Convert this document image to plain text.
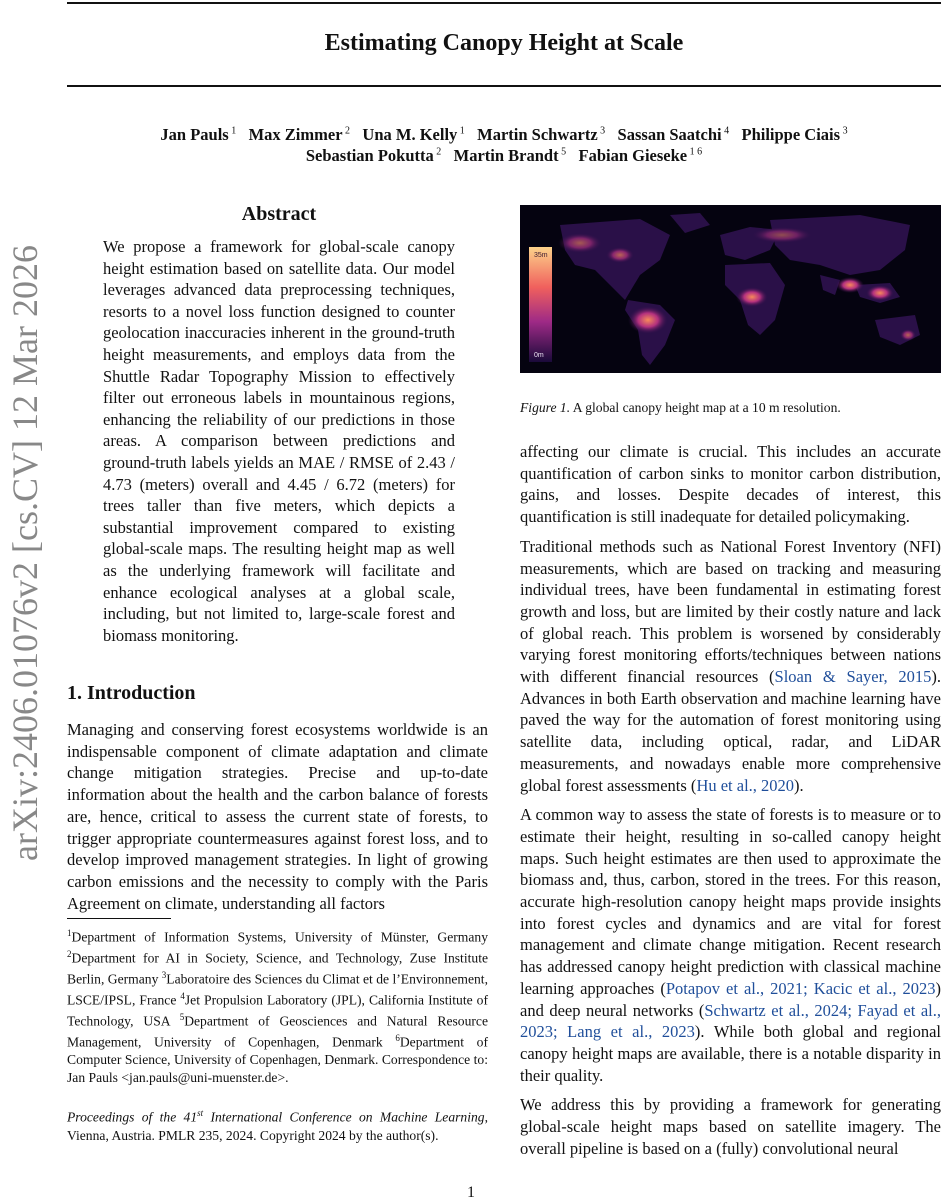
Estimating Canopy Height at Scale
Jan Pauls $^1$ Max Zimmer $^2$ Una M. Kelly $^1$ Martin Schwartz $^3$ Sassan Saatchi $^4$ Philippe Ciais $^3$
Sebastian Pokutta $^2$ Martin Brandt $^5$ Fabian Gieseke $^{1 6}$
arXiv:2406.01076v2 [cs.CV] 12 Mar 2026
Abstract

We propose a framework for global-scale canopy height estimation based on satellite data. Our model leverages advanced data preprocessing techniques, resorts to a novel loss function designed to counter geolocation inaccuracies inherent in the ground-truth height measurements, and employs data from the Shuttle Radar Topography Mission to effectively filter out erroneous labels in mountainous regions, enhancing the reliability of our predictions in those areas. A comparison between predictions and ground-truth labels yields an MAE / RMSE of 2.43 / 4.73 (meters) overall and 4.45 / 6.72 (meters) for trees taller than five meters, which depicts a substantial improvement compared to existing global-scale maps. The resulting height map as well as the underlying framework will facilitate and enhance ecological analyses at a global scale, including, but not limited to, large-scale forest and biomass monitoring.

1. Introduction

Managing and conserving forest ecosystems worldwide is an indispensable component of climate adaptation and climate change mitigation strategies. Precise and up-to-date information about the health and the carbon balance of forests are, hence, critical to assess the current state of forests, to trigger appropriate countermeasures against forest loss, and to develop improved management strategies. In light of growing carbon emissions and the necessity to comply with the Paris Agreement on climate, understanding all factors

$^1$Department of Information Systems, University of Münster, Germany $^2$Department for AI in Society, Science, and Technology, Zuse Institute Berlin, Germany $^3$Laboratoire des Sciences du Climat et de l’Environnement, LSCE/IPSL, France $^4$Jet Propulsion Laboratory (JPL), California Institute of Technology, USA $^5$Department of Geosciences and Natural Resource Management, University of Copenhagen, Denmark $^6$Department of Computer Science, University of Copenhagen, Denmark. Correspondence to: Jan Pauls <jan.pauls@uni-muenster.de>.
Proceedings of the 41st International Conference on Machine Learning, Vienna, Austria. PMLR 235, 2024. Copyright 2024 by the author(s).
35m
0m
Figure 1. A global canopy height map at a 10 m resolution.

affecting our climate is crucial. This includes an accurate quantification of carbon sinks to monitor carbon distribution, gains, and losses. Despite decades of interest, this quantification is still inadequate for detailed policymaking.

Traditional methods such as National Forest Inventory (NFI) measurements, which are based on tracking and measuring individual trees, have been fundamental in estimating forest growth and loss, but are limited by their costly nature and lack of global reach. This problem is worsened by considerably varying forest monitoring efforts/techniques between nations with different financial resources (Sloan & Sayer, 2015). Advances in both Earth observation and machine learning have paved the way for the automation of forest monitoring using satellite data, including optical, radar, and LiDAR measurements, and nowadays enable more comprehensive global forest assessments (Hu et al., 2020).

A common way to assess the state of forests is to measure or to estimate their height, resulting in so-called canopy height maps. Such height estimates are then used to approximate the biomass and, thus, carbon, stored in the trees. For this reason, accurate high-resolution canopy height maps provide insights into forest cycles and dynamics and are vital for forest management and climate change mitigation. Recent research has addressed canopy height prediction with classical machine learning approaches (Potapov et al., 2021; Kacic et al., 2023) and deep neural networks (Schwartz et al., 2024; Fayad et al., 2023; Lang et al., 2023). While both global and regional canopy height maps are available, there is a notable disparity in their quality.

We address this by providing a framework for generating global-scale height maps based on satellite imagery. The overall pipeline is based on a (fully) convolutional neural

1
